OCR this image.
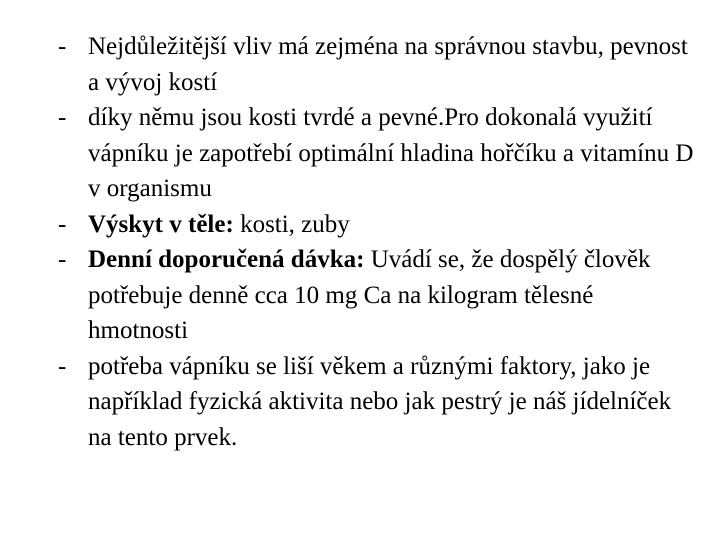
- Nejdůležitější vliv má zejména na správnou stavbu, pevnost a vývoj kostí
- díky němu jsou kosti tvrdé a pevné.Pro dokonalá využití vápníku je zapotřebí optimální hladina hořčíku a vitamínu D v organismu
- Výskyt v těle: kosti, zuby
- Denní doporučená dávka: Uvádí se, že dospělý člověk potřebuje denně cca 10 mg Ca na kilogram tělesné hmotnosti
- potřeba vápníku se liší věkem a různými faktory, jako je například fyzická aktivita nebo jak pestrý je náš jídelníček na tento prvek.
